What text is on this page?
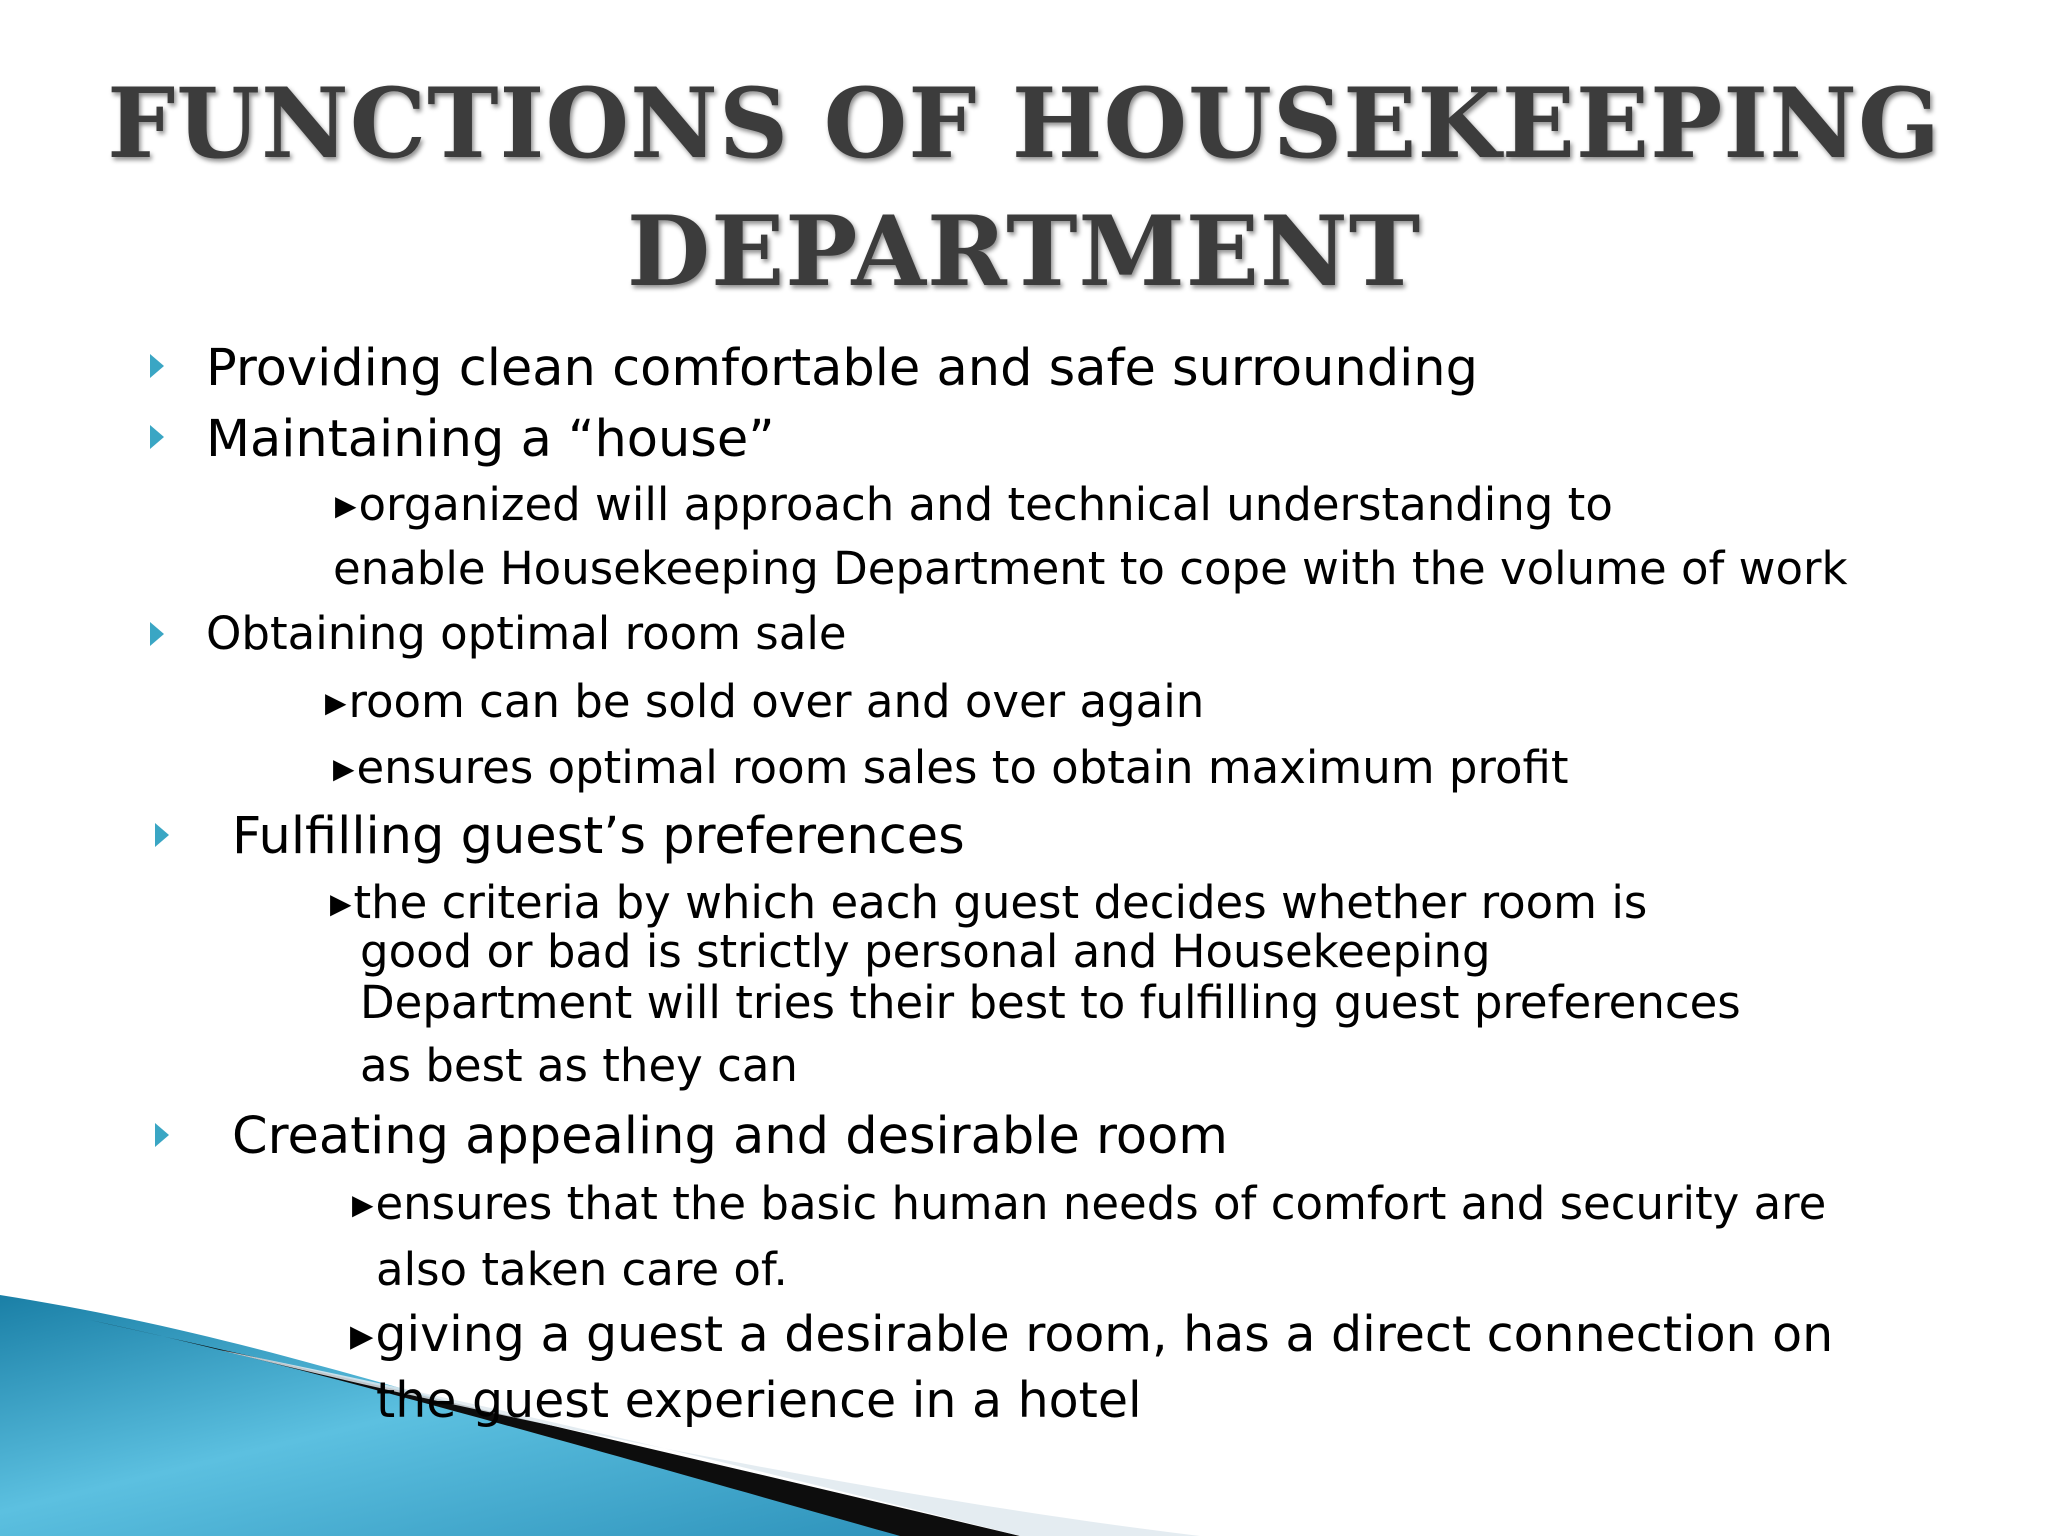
FUNCTIONS OF HOUSEKEEPING
DEPARTMENT
Providing clean comfortable and safe surrounding
Maintaining a “house”
▶organized will approach and technical understanding to
enable Housekeeping Department to cope with the volume of work
Obtaining optimal room sale
▶room can be sold over and over again
▶ensures optimal room sales to obtain maximum profit
Fulfilling guest’s preferences
▶the criteria by which each guest decides whether room is
good or bad is strictly personal and Housekeeping
Department will tries their best to fulfilling guest preferences
as best as they can
Creating appealing and desirable room
▶ensures that the basic human needs of comfort and security are
also taken care of.
▶giving a guest a desirable room, has a direct connection on
the guest experience in a hotel
